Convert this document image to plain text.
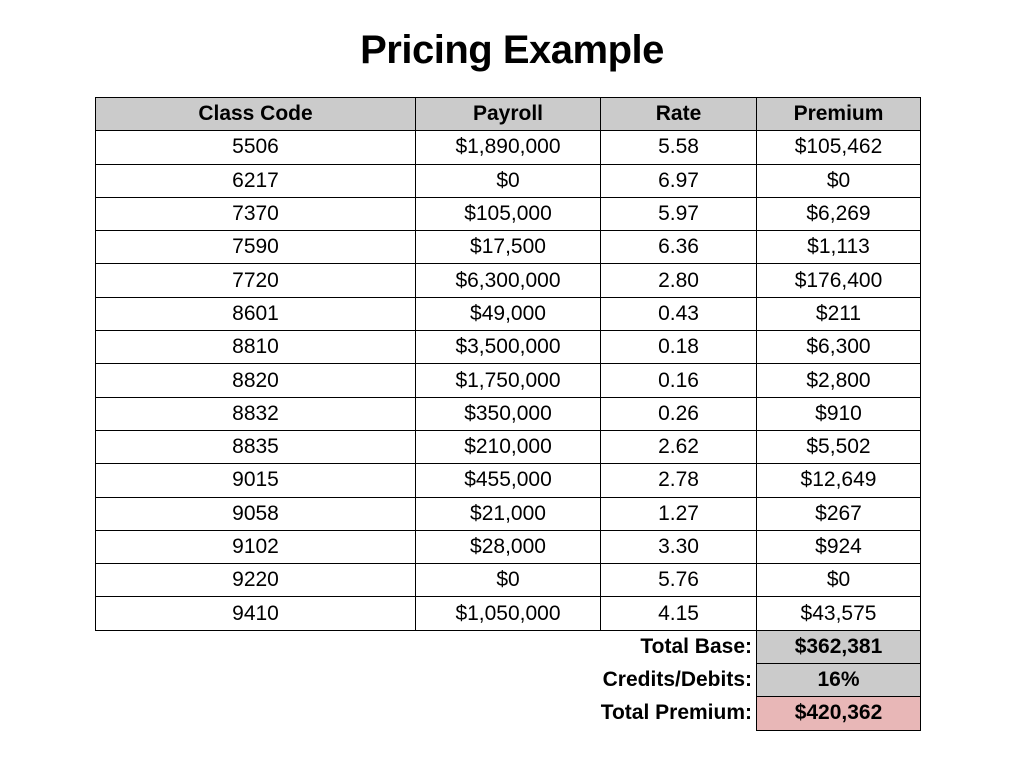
Pricing Example
Class Code	Payroll	Rate	Premium
5506	$1,890,000	5.58	$105,462
6217	$0	6.97	$0
7370	$105,000	5.97	$6,269
7590	$17,500	6.36	$1,113
7720	$6,300,000	2.80	$176,400
8601	$49,000	0.43	$211
8810	$3,500,000	0.18	$6,300
8820	$1,750,000	0.16	$2,800
8832	$350,000	0.26	$910
8835	$210,000	2.62	$5,502
9015	$455,000	2.78	$12,649
9058	$21,000	1.27	$267
9102	$28,000	3.30	$924
9220	$0	5.76	$0
9410	$1,050,000	4.15	$43,575
Total Base:			$362,381
Credits/Debits:			16%
Total Premium:			$420,362
